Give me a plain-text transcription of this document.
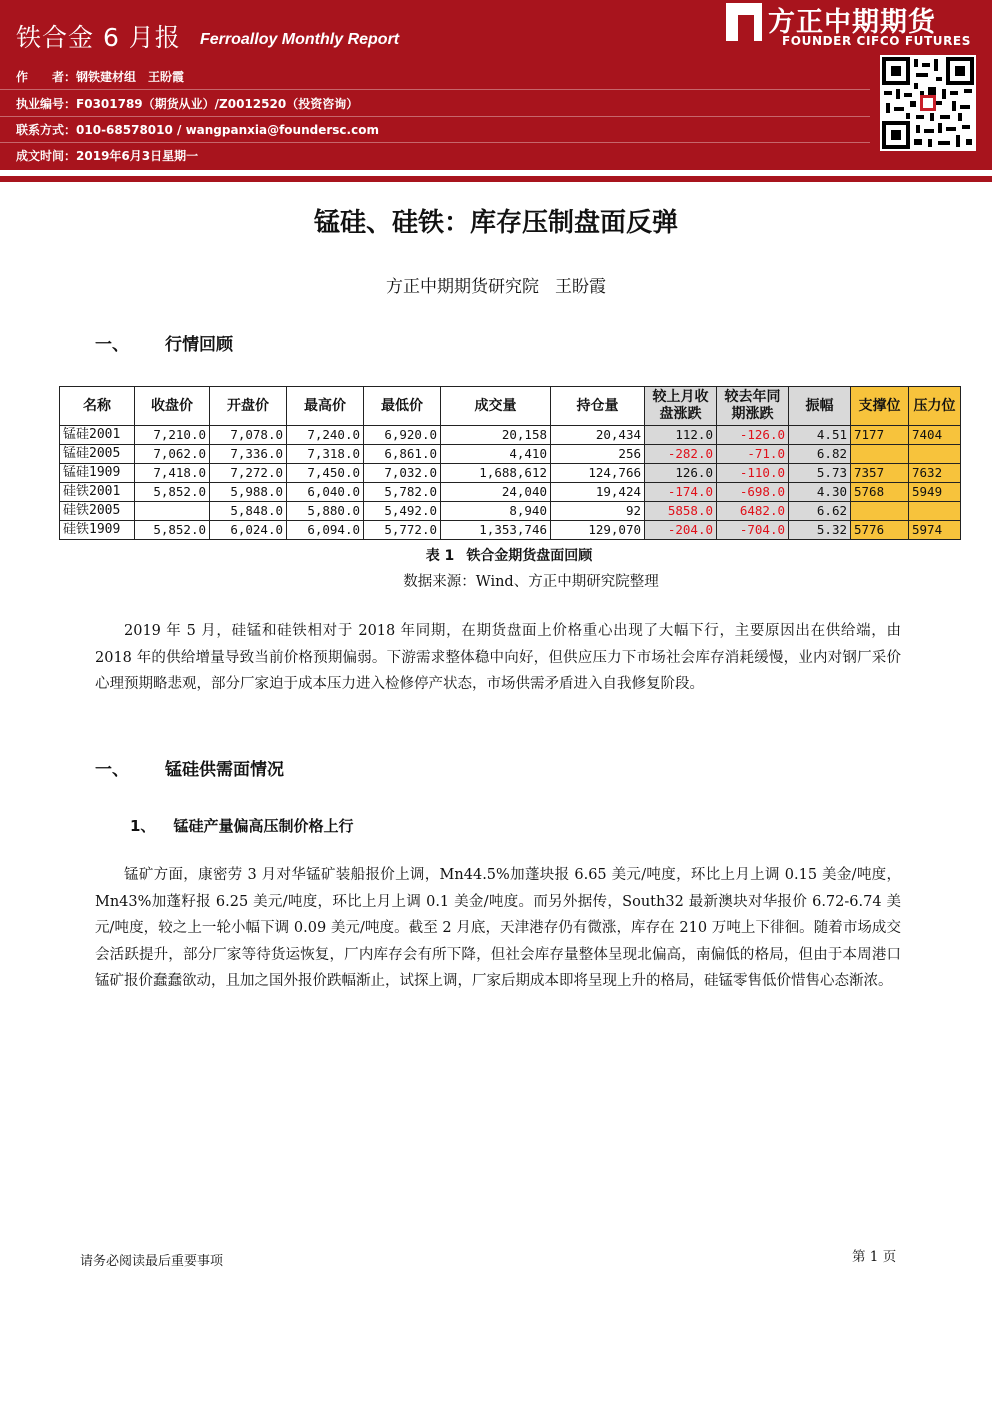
铁合金 6 月报 Ferroalloy Monthly Report
作　　者：钢铁建材组　王盼霞
执业编号：F0301789（期货从业）/Z0012520（投资咨询）
联系方式：010-68578010 / wangpanxia@foundersc.com
成文时间：2019年6月3日星期一
方正中期期货
FOUNDER CIFCO FUTURES
锰硅、硅铁：库存压制盘面反弹
方正中期期货研究院 王盼霞
一、 行情回顾
名称	收盘价	开盘价	最高价	最低价	成交量	持仓量	较上月收盘涨跌	较去年同期涨跌	振幅	支撑位	压力位
锰硅2001	7,210.0	7,078.0	7,240.0	6,920.0	20,158	20,434	112.0	-126.0	4.51	7177	7404
锰硅2005	7,062.0	7,336.0	7,318.0	6,861.0	4,410	256	-282.0	-71.0	6.82		
锰硅1909	7,418.0	7,272.0	7,450.0	7,032.0	1,688,612	124,766	126.0	-110.0	5.73	7357	7632
硅铁2001	5,852.0	5,988.0	6,040.0	5,782.0	24,040	19,424	-174.0	-698.0	4.30	5768	5949
硅铁2005		5,848.0	5,880.0	5,492.0	8,940	92	5858.0	6482.0	6.62		
硅铁1909	5,852.0	6,024.0	6,094.0	5,772.0	1,353,746	129,070	-204.0	-704.0	5.32	5776	5974
表 1 铁合金期货盘面回顾
数据来源：Wind、方正中期研究院整理

2019 年 5 月，硅锰和硅铁相对于 2018 年同期，在期货盘面上价格重心出现了大幅下行，主要原因出在供给端，由 2018 年的供给增量导致当前价格预期偏弱。下游需求整体稳中向好，但供应压力下市场社会库存消耗缓慢，业内对钢厂采价心理预期略悲观，部分厂家迫于成本压力进入检修停产状态，市场供需矛盾进入自我修复阶段。

一、 锰硅供需面情况
1、 锰硅产量偏高压制价格上行

锰矿方面，康密劳 3 月对华锰矿装船报价上调，Mn44.5%加蓬块报 6.65 美元/吨度，环比上月上调 0.15 美金/吨度，Mn43%加蓬籽报 6.25 美元/吨度，环比上月上调 0.1 美金/吨度。而另外据传，South32 最新澳块对华报价 6.72-6.74 美元/吨度，较之上一轮小幅下调 0.09 美元/吨度。截至 2 月底，天津港存仍有微涨，库存在 210 万吨上下徘徊。随着市场成交会活跃提升，部分厂家等待货运恢复，厂内库存会有所下降，但社会库存量整体呈现北偏高，南偏低的格局，但由于本周港口锰矿报价蠢蠢欲动，且加之国外报价跌幅渐止，试探上调，厂家后期成本即将呈现上升的格局，硅锰零售低价惜售心态渐浓。

请务必阅读最后重要事项	第 1 页
